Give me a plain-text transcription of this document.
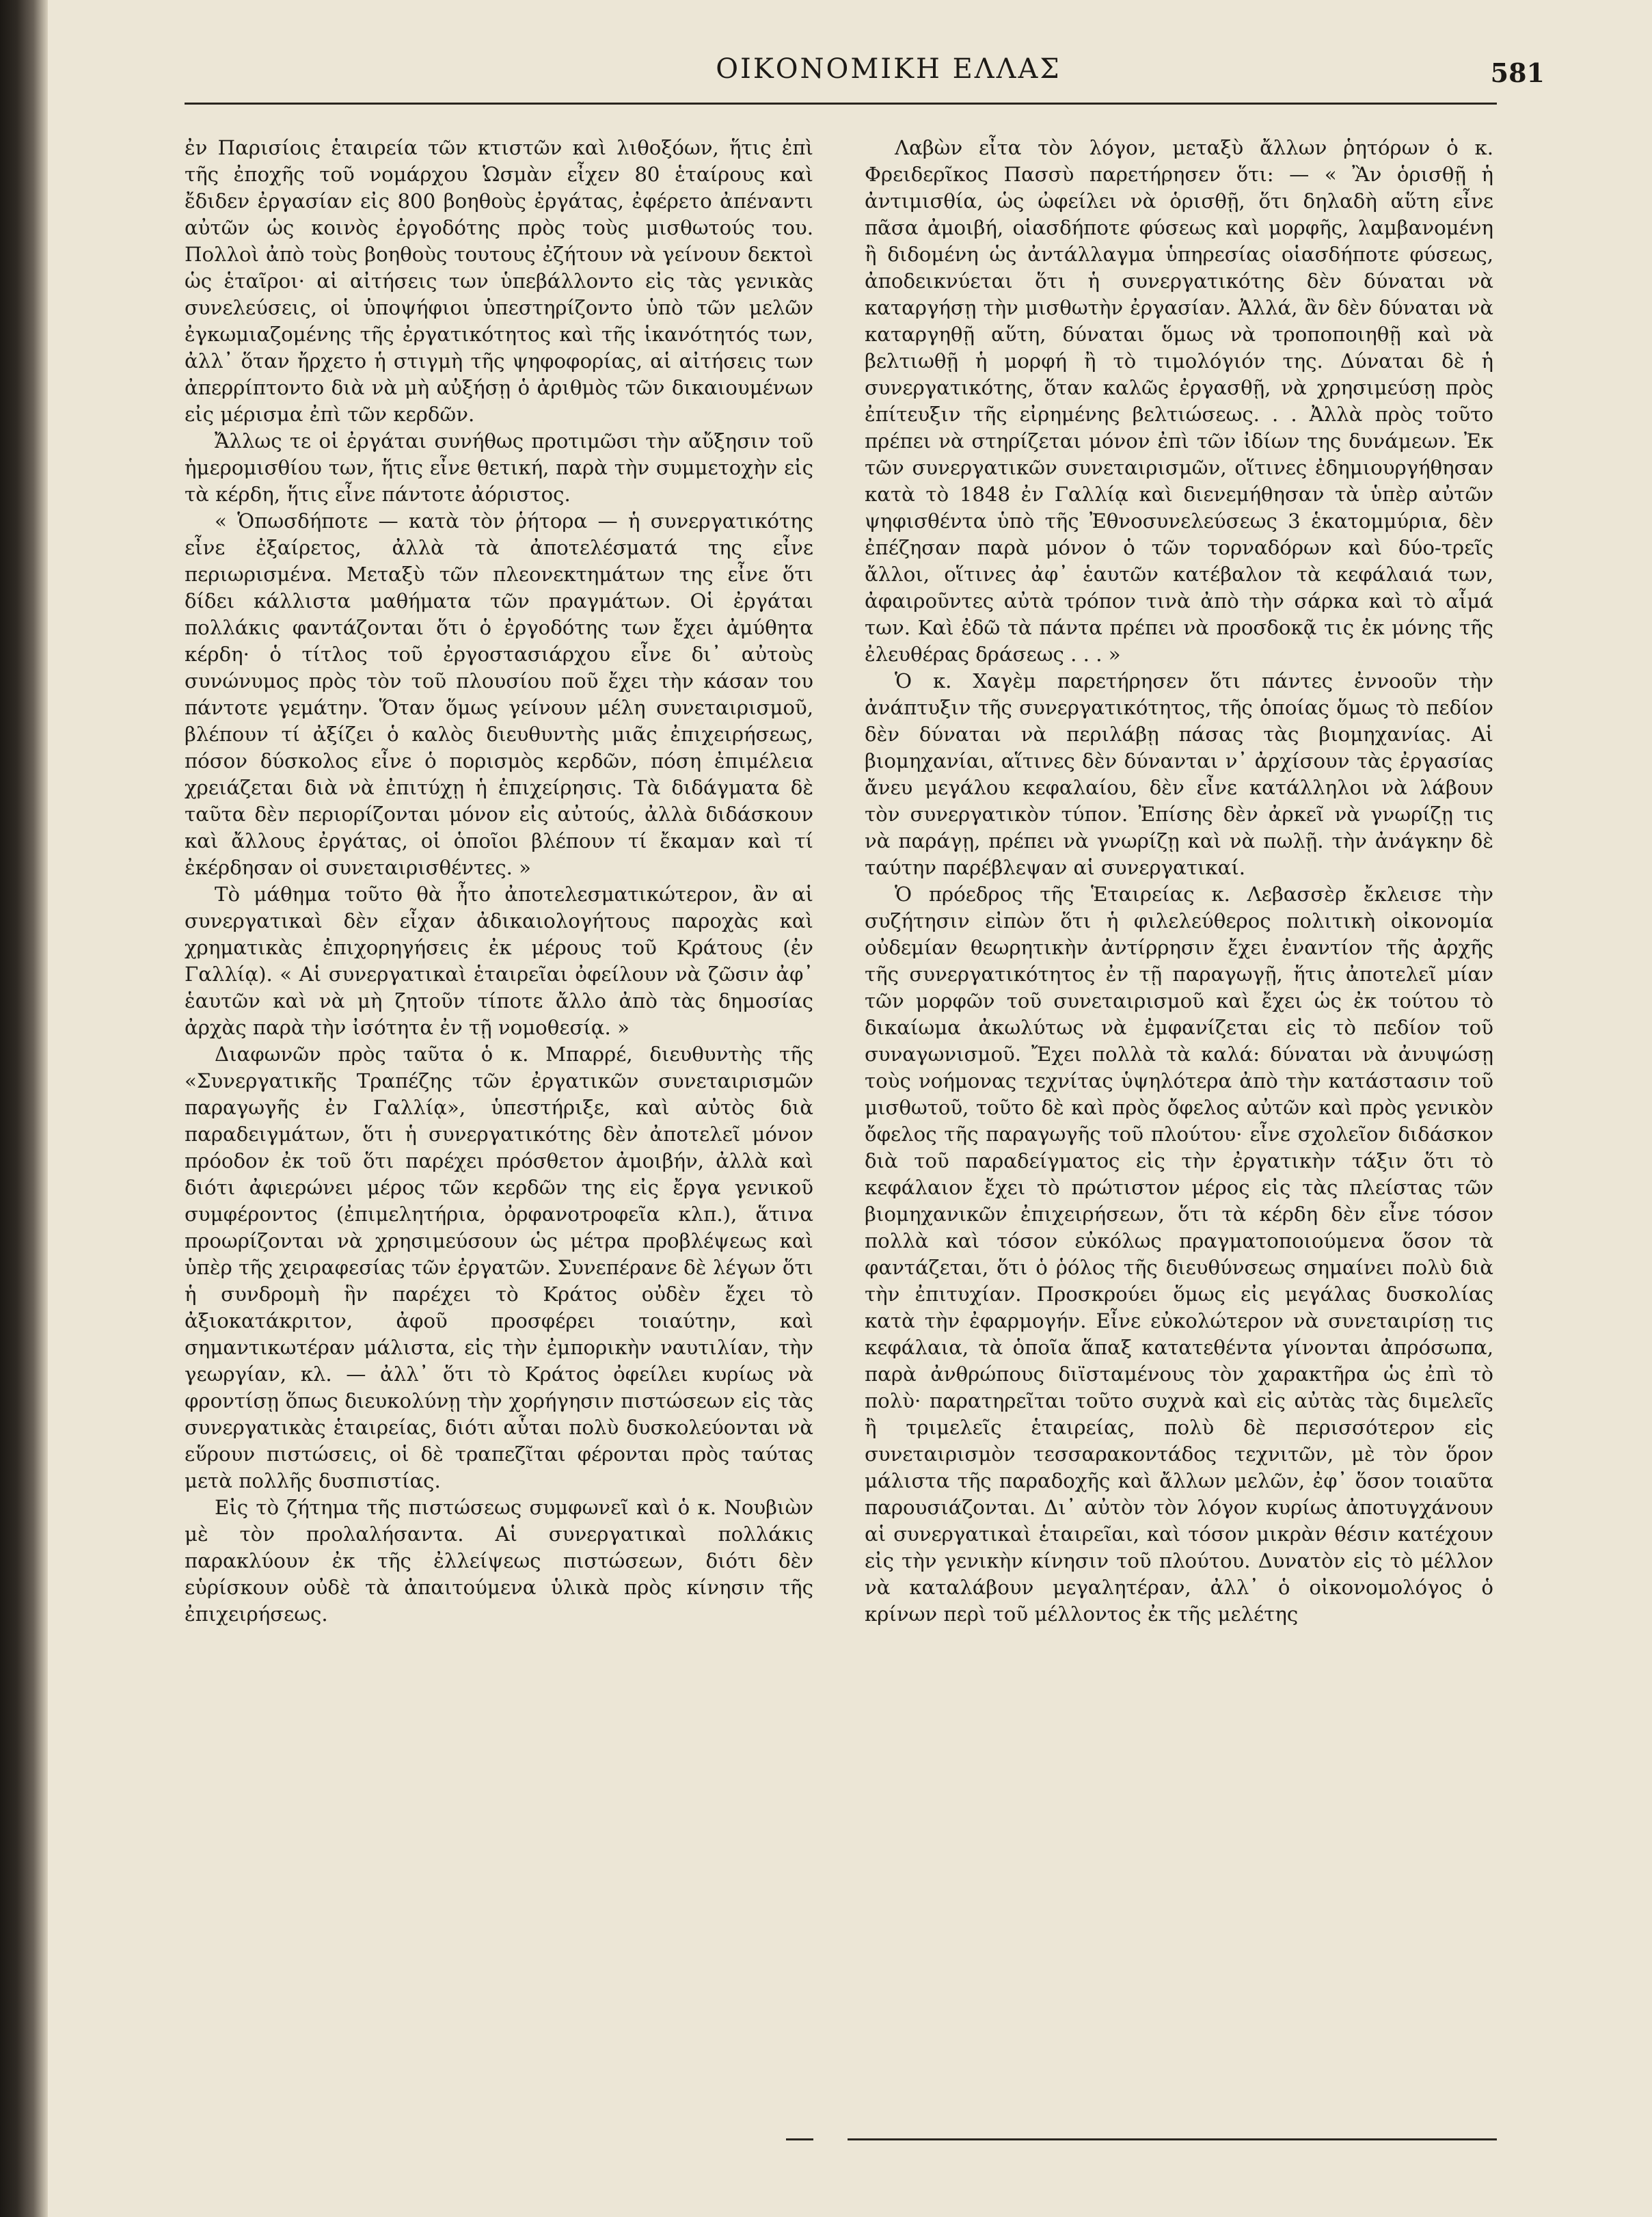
ΟΙΚΟΝΟΜΙΚΗ ΕΛΛΑΣ	581

ἐν Παρισίοις ἑταιρεία τῶν κτιστῶν καὶ λιθοξόων, ἥτις ἐπὶ τῆς ἐποχῆς τοῦ νομάρχου Ὡσμὰν εἶχεν 80 ἑταίρους καὶ ἔδιδεν ἐργασίαν εἰς 800 βοηθοὺς ἐργάτας, ἐφέρετο ἀπέναντι αὐτῶν ὡς κοινὸς ἐργοδότης πρὸς τοὺς μισθωτούς του. Πολλοὶ ἀπὸ τοὺς βοηθοὺς τουτους ἐζήτουν νὰ γείνουν δεκτοὶ ὡς ἑταῖροι· αἱ αἰτήσεις των ὑπεβάλλοντο εἰς τὰς γενικὰς συνελεύσεις, οἱ ὑποψήφιοι ὑπεστηρίζοντο ὑπὸ τῶν μελῶν ἐγκωμιαζομένης τῆς ἐργατικότητος καὶ τῆς ἱκανότητός των, ἀλλ᾽ ὅταν ἤρχετο ἡ στιγμὴ τῆς ψηφοφορίας, αἱ αἰτήσεις των ἀπερρίπτοντο διὰ νὰ μὴ αὐξήσῃ ὁ ἀριθμὸς τῶν δικαιουμένων εἰς μέρισμα ἐπὶ τῶν κερδῶν.

Ἄλλως τε οἱ ἐργάται συνήθως προτιμῶσι τὴν αὔξησιν τοῦ ἡμερομισθίου των, ἥτις εἶνε θετική, παρὰ τὴν συμμετοχὴν εἰς τὰ κέρδη, ἥτις εἶνε πάντοτε ἀόριστος.

« Ὁπωσδήποτε — κατὰ τὸν ῥήτορα — ἡ συνεργατικότης εἶνε ἐξαίρετος, ἀλλὰ τὰ ἀποτελέσματά της εἶνε περιωρισμένα. Μεταξὺ τῶν πλεονεκτημάτων της εἶνε ὅτι δίδει κάλλιστα μαθήματα τῶν πραγμάτων. Οἱ ἐργάται πολλάκις φαντάζονται ὅτι ὁ ἐργοδότης των ἔχει ἀμύθητα κέρδη· ὁ τίτλος τοῦ ἐργοστασιάρχου εἶνε δι᾽ αὐτοὺς συνώνυμος πρὸς τὸν τοῦ πλουσίου ποῦ ἔχει τὴν κάσαν του πάντοτε γεμάτην. Ὅταν ὅμως γείνουν μέλη συνεταιρισμοῦ, βλέπουν τί ἀξίζει ὁ καλὸς διευθυντὴς μιᾶς ἐπιχειρήσεως, πόσον δύσκολος εἶνε ὁ πορισμὸς κερδῶν, πόση ἐπιμέλεια χρειάζεται διὰ νὰ ἐπιτύχῃ ἡ ἐπιχείρησις. Τὰ διδάγματα δὲ ταῦτα δὲν περιορίζονται μόνον εἰς αὐτούς, ἀλλὰ διδάσκουν καὶ ἄλλους ἐργάτας, οἱ ὁποῖοι βλέπουν τί ἔκαμαν καὶ τί ἐκέρδησαν οἱ συνεταιρισθέντες. »

Τὸ μάθημα τοῦτο θὰ ἦτο ἀποτελεσματικώτερον, ἂν αἱ συνεργατικαὶ δὲν εἶχαν ἀδικαιολογήτους παροχὰς καὶ χρηματικὰς ἐπιχορηγήσεις ἐκ μέρους τοῦ Κράτους (ἐν Γαλλίᾳ). « Αἱ συνεργατικαὶ ἑταιρεῖαι ὀφείλουν νὰ ζῶσιν ἀφ᾽ ἑαυτῶν καὶ νὰ μὴ ζητοῦν τίποτε ἄλλο ἀπὸ τὰς δημοσίας ἀρχὰς παρὰ τὴν ἰσότητα ἐν τῇ νομοθεσίᾳ. »

Διαφωνῶν πρὸς ταῦτα ὁ κ. Μπαρρέ, διευθυντὴς τῆς «Συνεργατικῆς Τραπέζης τῶν ἐργατικῶν συνεταιρισμῶν παραγωγῆς ἐν Γαλλίᾳ», ὑπεστήριξε, καὶ αὐτὸς διὰ παραδειγμάτων, ὅτι ἡ συνεργατικότης δὲν ἀποτελεῖ μόνον πρόοδον ἐκ τοῦ ὅτι παρέχει πρόσθετον ἀμοιβήν, ἀλλὰ καὶ διότι ἀφιερώνει μέρος τῶν κερδῶν της εἰς ἔργα γενικοῦ συμφέροντος (ἐπιμελητήρια, ὀρφανοτροφεῖα κλπ.), ἅτινα προωρίζονται νὰ χρησιμεύσουν ὡς μέτρα προβλέψεως καὶ ὑπὲρ τῆς χειραφεσίας τῶν ἐργατῶν. Συνεπέρανε δὲ λέγων ὅτι ἡ συνδρομὴ ἣν παρέχει τὸ Κράτος οὐδὲν ἔχει τὸ ἀξιοκατάκριτον, ἀφοῦ προσφέρει τοιαύτην, καὶ σημαντικωτέραν μάλιστα, εἰς τὴν ἐμπορικὴν ναυτιλίαν, τὴν γεωργίαν, κλ. — ἀλλ᾽ ὅτι τὸ Κράτος ὀφείλει κυρίως νὰ φροντίσῃ ὅπως διευκολύνῃ τὴν χορήγησιν πιστώσεων εἰς τὰς συνεργατικὰς ἑταιρείας, διότι αὗται πολὺ δυσκολεύονται νὰ εὕρουν πιστώσεις, οἱ δὲ τραπεζῖται φέρονται πρὸς ταύτας μετὰ πολλῆς δυσπιστίας.

Εἰς τὸ ζήτημα τῆς πιστώσεως συμφωνεῖ καὶ ὁ κ. Νουβιὼν μὲ τὸν προλαλήσαντα. Αἱ συνεργατικαὶ πολλάκις παρακλύουν ἐκ τῆς ἐλλείψεως πιστώσεων, διότι δὲν εὑρίσκουν οὐδὲ τὰ ἀπαιτούμενα ὑλικὰ πρὸς κίνησιν τῆς ἐπιχειρήσεως.

Λαβὼν εἶτα τὸν λόγον, μεταξὺ ἄλλων ῥητόρων ὁ κ. Φρειδερῖκος Πασσὺ παρετήρησεν ὅτι: — « Ἂν ὁρισθῇ ἡ ἀντιμισθία, ὡς ὠφείλει νὰ ὁρισθῇ, ὅτι δηλαδὴ αὕτη εἶνε πᾶσα ἀμοιβή, οἱασδήποτε φύσεως καὶ μορφῆς, λαμβανομένη ἢ διδομένη ὡς ἀντάλλαγμα ὑπηρεσίας οἱασδήποτε φύσεως, ἀποδεικνύεται ὅτι ἡ συνεργατικότης δὲν δύναται νὰ καταργήσῃ τὴν μισθωτὴν ἐργασίαν. Ἀλλά, ἂν δὲν δύναται νὰ καταργηθῇ αὕτη, δύναται ὅμως νὰ τροποποιηθῇ καὶ νὰ βελτιωθῇ ἡ μορφή ἢ τὸ τιμολόγιόν της. Δύναται δὲ ἡ συνεργατικότης, ὅταν καλῶς ἐργασθῇ, νὰ χρησιμεύσῃ πρὸς ἐπίτευξιν τῆς εἰρημένης βελτιώσεως. . . Ἀλλὰ πρὸς τοῦτο πρέπει νὰ στηρίζεται μόνον ἐπὶ τῶν ἰδίων της δυνάμεων. Ἐκ τῶν συνεργατικῶν συνεταιρισμῶν, οἵτινες ἐδημιουργήθησαν κατὰ τὸ 1848 ἐν Γαλλίᾳ καὶ διενεμήθησαν τὰ ὑπὲρ αὐτῶν ψηφισθέντα ὑπὸ τῆς Ἐθνοσυνελεύσεως 3 ἑκατομμύρια, δὲν ἐπέζησαν παρὰ μόνον ὁ τῶν τορναδόρων καὶ δύο-τρεῖς ἄλλοι, οἵτινες ἀφ᾽ ἑαυτῶν κατέβαλον τὰ κεφάλαιά των, ἀφαιροῦντες αὐτὰ τρόπον τινὰ ἀπὸ τὴν σάρκα καὶ τὸ αἷμά των. Καὶ ἐδῶ τὰ πάντα πρέπει νὰ προσδοκᾷ τις ἐκ μόνης τῆς ἐλευθέρας δράσεως . . . »

Ὁ κ. Χαγὲμ παρετήρησεν ὅτι πάντες ἐννοοῦν τὴν ἀνάπτυξιν τῆς συνεργατικότητος, τῆς ὁποίας ὅμως τὸ πεδίον δὲν δύναται νὰ περιλάβῃ πάσας τὰς βιομηχανίας. Αἱ βιομηχανίαι, αἵτινες δὲν δύνανται ν᾽ ἀρχίσουν τὰς ἐργασίας ἄνευ μεγάλου κεφαλαίου, δὲν εἶνε κατάλληλοι νὰ λάβουν τὸν συνεργατικὸν τύπον. Ἐπίσης δὲν ἀρκεῖ νὰ γνωρίζῃ τις νὰ παράγῃ, πρέπει νὰ γνωρίζῃ καὶ νὰ πωλῇ. τὴν ἀνάγκην δὲ ταύτην παρέβλεψαν αἱ συνεργατικαί.

Ὁ πρόεδρος τῆς Ἑταιρείας κ. Λεβασσὲρ ἔκλεισε τὴν συζήτησιν εἰπὼν ὅτι ἡ φιλελεύθερος πολιτικὴ οἰκονομία οὐδεμίαν θεωρητικὴν ἀντίρρησιν ἔχει ἐναντίον τῆς ἀρχῆς τῆς συνεργατικότητος ἐν τῇ παραγωγῇ, ἥτις ἀποτελεῖ μίαν τῶν μορφῶν τοῦ συνεταιρισμοῦ καὶ ἔχει ὡς ἐκ τούτου τὸ δικαίωμα ἀκωλύτως νὰ ἐμφανίζεται εἰς τὸ πεδίον τοῦ συναγωνισμοῦ. Ἔχει πολλὰ τὰ καλά: δύναται νὰ ἀνυψώσῃ τοὺς νοήμονας τεχνίτας ὑψηλότερα ἀπὸ τὴν κατάστασιν τοῦ μισθωτοῦ, τοῦτο δὲ καὶ πρὸς ὄφελος αὐτῶν καὶ πρὸς γενικὸν ὄφελος τῆς παραγωγῆς τοῦ πλούτου· εἶνε σχολεῖον διδάσκον διὰ τοῦ παραδείγματος εἰς τὴν ἐργατικὴν τάξιν ὅτι τὸ κεφάλαιον ἔχει τὸ πρώτιστον μέρος εἰς τὰς πλείστας τῶν βιομηχανικῶν ἐπιχειρήσεων, ὅτι τὰ κέρδη δὲν εἶνε τόσον πολλὰ καὶ τόσον εὐκόλως πραγματοποιούμενα ὅσον τὰ φαντάζεται, ὅτι ὁ ῥόλος τῆς διευθύνσεως σημαίνει πολὺ διὰ τὴν ἐπιτυχίαν. Προσκρούει ὅμως εἰς μεγάλας δυσκολίας κατὰ τὴν ἐφαρμογήν. Εἶνε εὐκολώτερον νὰ συνεταιρίσῃ τις κεφάλαια, τὰ ὁποῖα ἅπαξ κατατεθέντα γίνονται ἀπρόσωπα, παρὰ ἀνθρώπους διϊσταμένους τὸν χαρακτῆρα ὡς ἐπὶ τὸ πολὺ· παρατηρεῖται τοῦτο συχνὰ καὶ εἰς αὐτὰς τὰς διμελεῖς ἢ τριμελεῖς ἑταιρείας, πολὺ δὲ περισσότερον εἰς συνεταιρισμὸν τεσσαρακοντάδος τεχνιτῶν, μὲ τὸν ὅρον μάλιστα τῆς παραδοχῆς καὶ ἄλλων μελῶν, ἐφ᾽ ὅσον τοιαῦτα παρουσιάζονται. Δι᾽ αὐτὸν τὸν λόγον κυρίως ἀποτυγχάνουν αἱ συνεργατικαὶ ἑταιρεῖαι, καὶ τόσον μικρὰν θέσιν κατέχουν εἰς τὴν γενικὴν κίνησιν τοῦ πλούτου. Δυνατὸν εἰς τὸ μέλλον νὰ καταλάβουν μεγαλητέραν, ἀλλ᾽ ὁ οἰκονομολόγος ὁ κρίνων περὶ τοῦ μέλλοντος ἐκ τῆς μελέτης
